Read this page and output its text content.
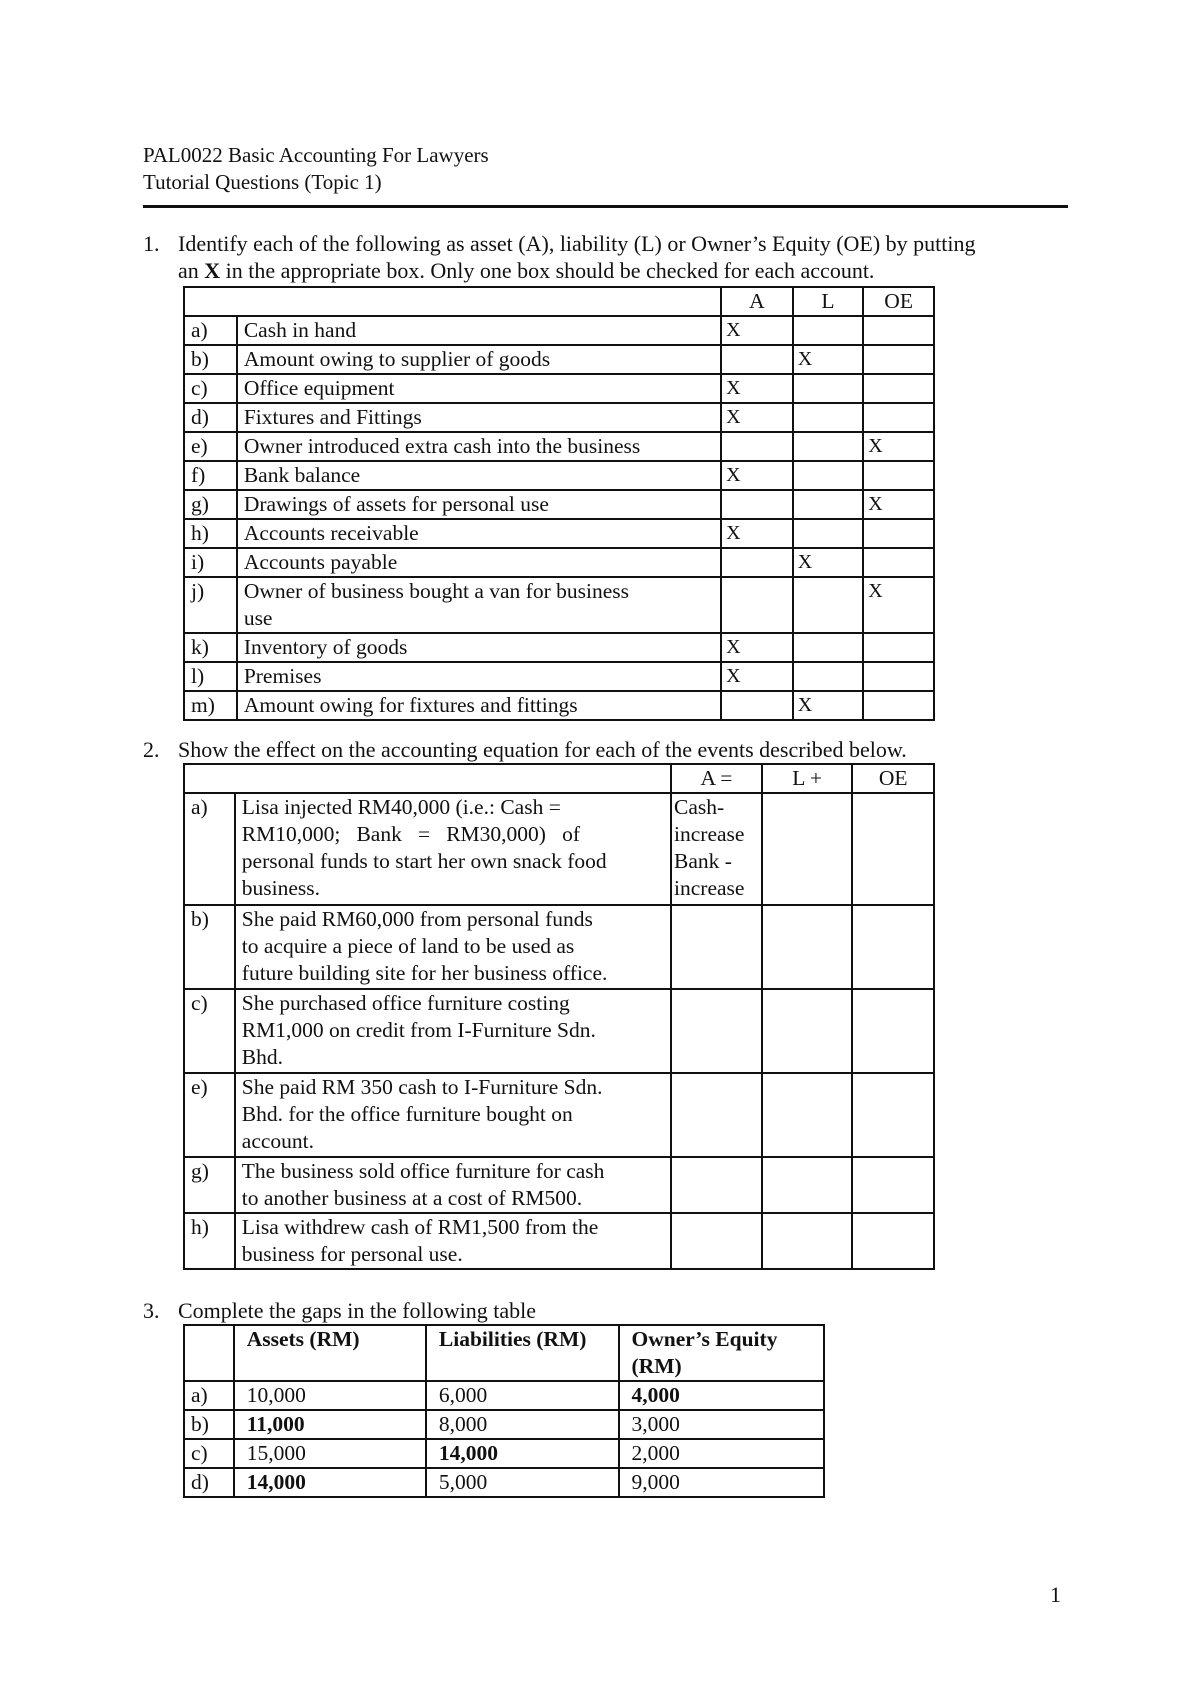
PAL0022 Basic Accounting For Lawyers
Tutorial Questions (Topic 1)
1. Identify each of the following as asset (A), liability (L) or Owner’s Equity (OE) by putting
an X in the appropriate box. Only one box should be checked for each account.
		A	L	OE
a)	Cash in hand	X		
b)	Amount owing to supplier of goods		X	
c)	Office equipment	X		
d)	Fixtures and Fittings	X		
e)	Owner introduced extra cash into the business			X
f)	Bank balance	X		
g)	Drawings of assets for personal use			X
h)	Accounts receivable	X		
i)	Accounts payable		X	
j)	Owner of business bought a van for business
use			X
k)	Inventory of goods	X		
l)	Premises	X		
m)	Amount owing for fixtures and fittings		X	
2. Show the effect on the accounting equation for each of the events described below.
		A =	L +	OE
a)	Lisa injected RM40,000 (i.e.: Cash =
RM10,000;   Bank   =   RM30,000)   of
personal funds to start her own snack food
business.	Cash-
increase
Bank -
increase		
b)	She paid RM60,000 from personal funds
to acquire a piece of land to be used as
future building site for her business office.			
c)	She purchased office furniture costing
RM1,000 on credit from I-Furniture Sdn.
Bhd.			
e)	She paid RM 350 cash to I-Furniture Sdn.
Bhd. for the office furniture bought on
account.			
g)	The business sold office furniture for cash
to another business at a cost of RM500.			
h)	Lisa withdrew cash of RM1,500 from the
business for personal use.			
3. Complete the gaps in the following table
	Assets (RM)	Liabilities (RM)	Owner’s Equity
(RM)
a)	10,000	6,000	4,000
b)	11,000	8,000	3,000
c)	15,000	14,000	2,000
d)	14,000	5,000	9,000
1
